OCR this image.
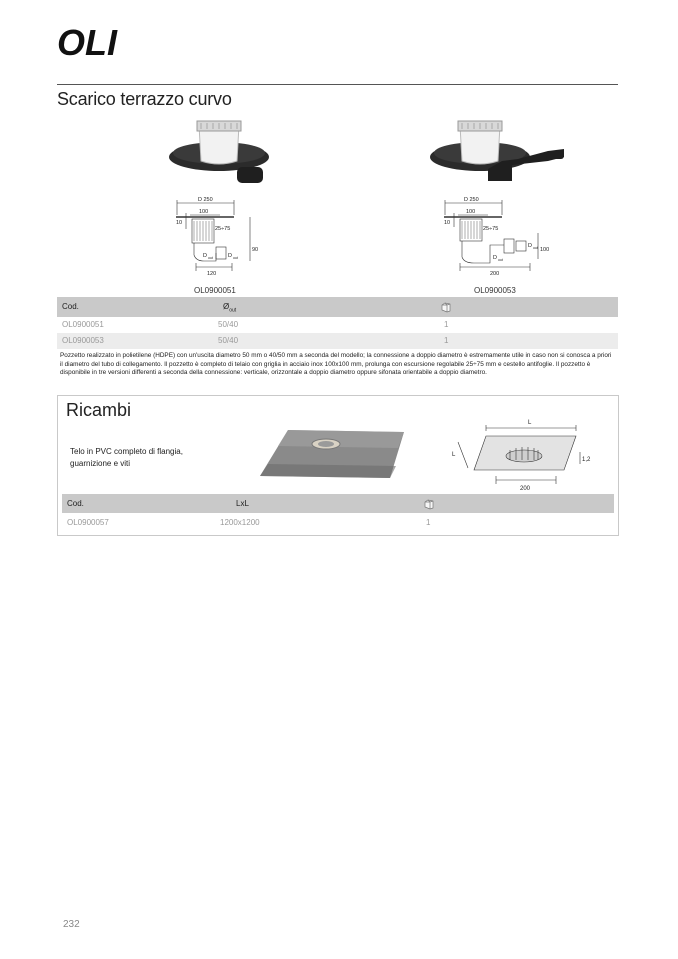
OLI
Scarico terrazzo curvo
D 250
100
10
25÷75
90
120
D out	D out
OL0900051
D 250
100
10
25÷75
100
200
D out
D out
OL0900053
Cod.	$Ø_{out}$
OL0900051	50/40	1
OL0900053	50/40	1
Pozzetto realizzato in polietilene (HDPE) con un'uscita diametro 50 mm o 40/50 mm a seconda del modello; la connessione a doppio diametro è estremamente utile in caso non si conosca a priori il diametro del tubo di collegamento. Il pozzetto è completo di telaio con griglia in acciaio inox 100x100 mm, prolunga con escursione regolabile 25÷75 mm e cestello antifoglie. Il pozzetto è disponibile in tre versioni differenti a seconda della connessione: verticale, orizzontale a doppio diametro oppure sifonata orientabile a doppio diametro.
Ricambi
Telo in PVC completo di flangia, guarnizione e viti
L
L
1,2
200
Cod.	LxL
OL0900057	1200x1200	1
232
